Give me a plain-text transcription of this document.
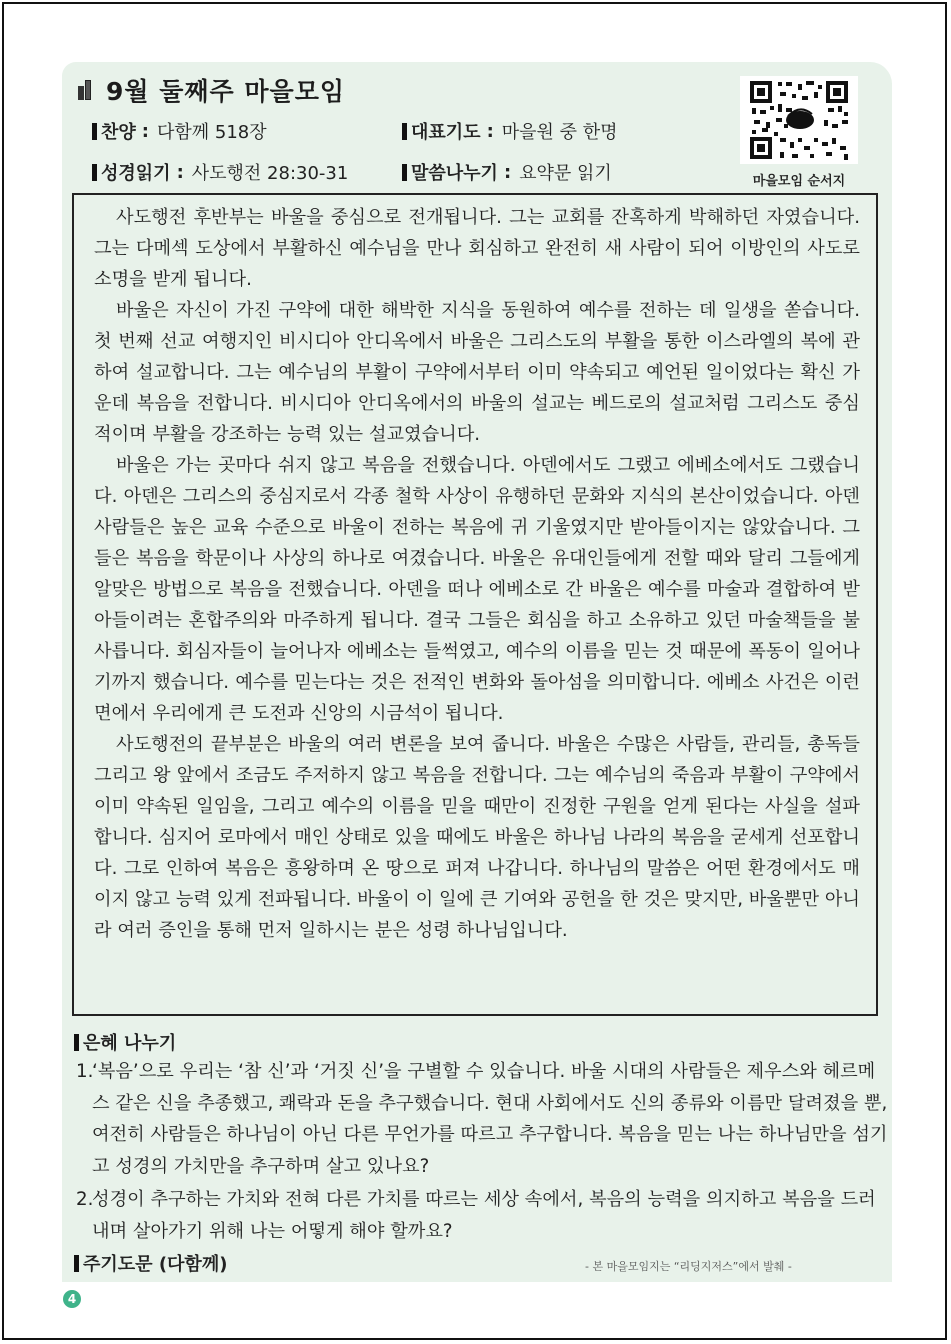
9월 둘째주 마을모임
찬양 : 다함께 518장	대표기도 : 마을원 중 한명
성경읽기 : 사도행전 28:30-31	말씀나누기 : 요약문 읽기	마을모임 순서지

사도행전 후반부는 바울을 중심으로 전개됩니다. 그는 교회를 잔혹하게 박해하던 자였습니다. 그는 다메섹 도상에서 부활하신 예수님을 만나 회심하고 완전히 새 사람이 되어 이방인의 사도로 소명을 받게 됩니다.

바울은 자신이 가진 구약에 대한 해박한 지식을 동원하여 예수를 전하는 데 일생을 쏟습니다. 첫 번째 선교 여행지인 비시디아 안디옥에서 바울은 그리스도의 부활을 통한 이스라엘의 복에 관하여 설교합니다. 그는 예수님의 부활이 구약에서부터 이미 약속되고 예언된 일이었다는 확신 가운데 복음을 전합니다. 비시디아 안디옥에서의 바울의 설교는 베드로의 설교처럼 그리스도 중심적이며 부활을 강조하는 능력 있는 설교였습니다.

바울은 가는 곳마다 쉬지 않고 복음을 전했습니다. 아덴에서도 그랬고 에베소에서도 그랬습니다. 아덴은 그리스의 중심지로서 각종 철학 사상이 유행하던 문화와 지식의 본산이었습니다. 아덴 사람들은 높은 교육 수준으로 바울이 전하는 복음에 귀 기울였지만 받아들이지는 않았습니다. 그들은 복음을 학문이나 사상의 하나로 여겼습니다. 바울은 유대인들에게 전할 때와 달리 그들에게 알맞은 방법으로 복음을 전했습니다. 아덴을 떠나 에베소로 간 바울은 예수를 마술과 결합하여 받아들이려는 혼합주의와 마주하게 됩니다. 결국 그들은 회심을 하고 소유하고 있던 마술책들을 불사릅니다. 회심자들이 늘어나자 에베소는 들썩였고, 예수의 이름을 믿는 것 때문에 폭동이 일어나기까지 했습니다. 예수를 믿는다는 것은 전적인 변화와 돌아섬을 의미합니다. 에베소 사건은 이런 면에서 우리에게 큰 도전과 신앙의 시금석이 됩니다.

사도행전의 끝부분은 바울의 여러 변론을 보여 줍니다. 바울은 수많은 사람들, 관리들, 총독들 그리고 왕 앞에서 조금도 주저하지 않고 복음을 전합니다. 그는 예수님의 죽음과 부활이 구약에서 이미 약속된 일임을, 그리고 예수의 이름을 믿을 때만이 진정한 구원을 얻게 된다는 사실을 설파합니다. 심지어 로마에서 매인 상태로 있을 때에도 바울은 하나님 나라의 복음을 굳세게 선포합니다. 그로 인하여 복음은 흥왕하며 온 땅으로 퍼져 나갑니다. 하나님의 말씀은 어떤 환경에서도 매이지 않고 능력 있게 전파됩니다. 바울이 이 일에 큰 기여와 공헌을 한 것은 맞지만, 바울뿐만 아니라 여러 증인을 통해 먼저 일하시는 분은 성령 하나님입니다.

은혜 나누기
1.
‘복음’으로 우리는 ‘참 신’과 ‘거짓 신’을 구별할 수 있습니다. 바울 시대의 사람들은 제우스와 헤르메스 같은 신을 추종했고, 쾌락과 돈을 추구했습니다. 현대 사회에서도 신의 종류와 이름만 달려졌을 뿐, 여전히 사람들은 하나님이 아닌 다른 무언가를 따르고 추구합니다. 복음을 믿는 나는 하나님만을 섬기고 성경의 가치만을 추구하며 살고 있나요?
2.
성경이 추구하는 가치와 전혀 다른 가치를 따르는 세상 속에서, 복음의 능력을 의지하고 복음을 드러내며 살아가기 위해 나는 어떻게 해야 할까요?
주기도문 (다함께)	- 본 마을모임지는 “리딩지저스”에서 발췌 -
4
